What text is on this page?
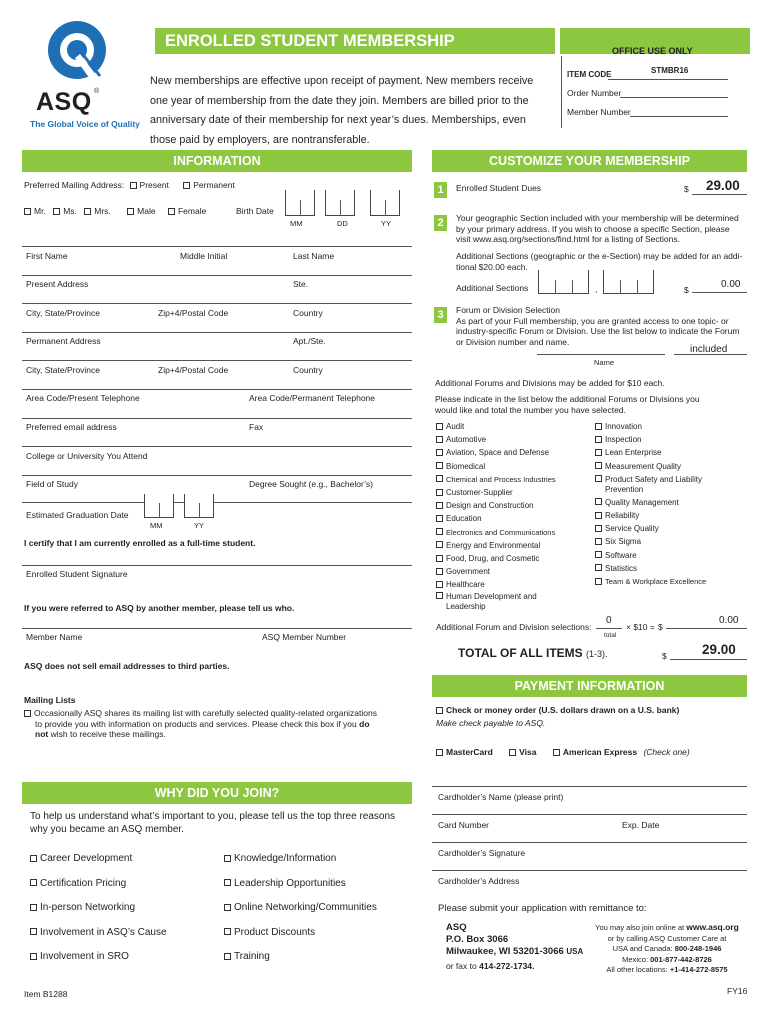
ASQ ®
The Global Voice of Quality
ENROLLED STUDENT MEMBERSHIP APPLICATION
New memberships are effective upon receipt of payment. New members receive
one year of membership from the date they join. Members are billed prior to the
anniversary date of their membership for next year’s dues. Memberships, even
those paid by employers, are nontransferable.
OFFICE USE ONLY
ITEM CODE	STMBR16
Order Number
Member Number
INFORMATION
Preferred Mailing Address: Present	Permanent
Mr. Ms. Mrs.	Male	Female	Birth Date
MM	DD	YY
First Name	Middle Initial	Last Name
Present Address	Ste.
City, State/Province	Zip+4/Postal Code	Country
Permanent Address	Apt./Ste.
City, State/Province	Zip+4/Postal Code	Country
Area Code/Present Telephone	Area Code/Permanent Telephone
Preferred email address	Fax
College or University You Attend
Field of Study	Degree Sought (e.g., Bachelor’s)
Estimated Graduation Date
MM	YY
I certify that I am currently enrolled as a full-time student.
Enrolled Student Signature
If you were referred to ASQ by another member, please tell us who.
Member Name	ASQ Member Number
ASQ does not sell email addresses to third parties.
Mailing Lists
Occasionally ASQ shares its mailing list with carefully selected quality-related organizations
to provide you with information on products and services. Please check this box if you do
not wish to receive these mailings.
WHY DID YOU JOIN?
To help us understand what’s important to you, please tell us the top three reasons
why you became an ASQ member.
Career Development
Certification Pricing
In-person Networking
Involvement in ASQ’s Cause
Involvement in SRO
Knowledge/Information
Leadership Opportunities
Online Networking/Communities
Product Discounts
Training
CUSTOMIZE YOUR MEMBERSHIP
1	Enrolled Student Dues	$ 29.00
2	Your geographic Section included with your membership will be determined
by your primary address. If you wish to choose a specific Section, please
visit www.asq.org/sections/find.html for a listing of Sections.
Additional Sections (geographic or the e-Section) may be added for an addi-
tional $20.00 each.
Additional Sections	,	$	0.00
3	Forum or Division Selection
As part of your Full membership, you are granted access to one topic- or
industry-specific Forum or Division. Use the list below to indicate the Forum
or Division number and name.
included
Name
Additional Forums and Divisions may be added for $10 each.
Please indicate in the list below the additional Forums or Divisions you
would like and total the number you have selected.
Audit
Automotive
Aviation, Space and Defense
Biomedical
Chemical and Process Industries
Customer-Supplier
Design and Construction
Education
Electronics and Communications
Energy and Environmental
Food, Drug, and Cosmetic
Government
Healthcare
Human Development and
Leadership
Innovation
Inspection
Lean Enterprise
Measurement Quality
Product Safety and Liability
Prevention
Quality Management
Reliability
Service Quality
Six Sigma
Software
Statistics
Team & Workplace Excellence
Additional Forum and Division selections:
0
total
× $10 = $
0.00
TOTAL OF ALL ITEMS (1-3).	$	29.00
PAYMENT INFORMATION
Check or money order (U.S. dollars drawn on a U.S. bank)
Make check payable to ASQ.
MasterCard	Visa	American Express (Check one)
Cardholder’s Name (please print)
Card Number	Exp. Date
Cardholder’s Signature
Cardholder’s Address
Please submit your application with remittance to:
ASQ
P.O. Box 3066
Milwaukee, WI 53201-3066 USA
or fax to 414-272-1734.
You may also join online at www.asq.org
or by calling ASQ Customer Care at
USA and Canada: 800-248-1946
Mexico: 001-877-442-8726
All other locations: +1-414-272-8575
Item B1288	FY16
